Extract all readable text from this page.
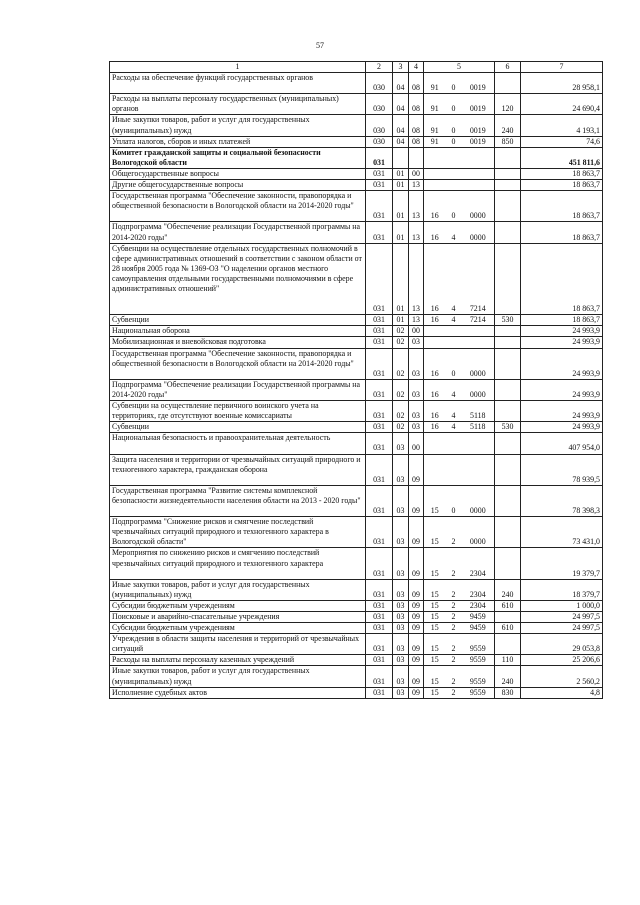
57
1	2	3	4	5			6	7
Расходы на обеспечение функций государственных органов	030	04	08	91	0	0019		28 958,1
Расходы на выплаты персоналу государственных (муниципальных) органов	030	04	08	91	0	0019	120	24 690,4
Иные закупки товаров, работ и услуг для государственных (муниципальных) нужд	030	04	08	91	0	0019	240	4 193,1
Уплата налогов, сборов и иных платежей	030	04	08	91	0	0019	850	74,6
Комитет гражданской защиты и социальной безопасности Вологодской области	031							451 811,6
Общегосударственные вопросы	031	01	00					18 863,7
Другие общегосударственные вопросы	031	01	13					18 863,7
Государственная программа "Обеспечение законности, правопорядка и общественной безопасности в Вологодской области на 2014-2020 годы"	031	01	13	16	0	0000		18 863,7
Подпрограмма "Обеспечение реализации Государственной программы на 2014-2020 годы"	031	01	13	16	4	0000		18 863,7
Субвенции на осуществление отдельных государственных полномочий в сфере административных отношений в соответствии с законом области от 28 ноября 2005 года № 1369-ОЗ "О наделении органов местного самоуправления отдельными государственными полномочиями в сфере административных отношений"	031	01	13	16	4	7214		18 863,7
Субвенции	031	01	13	16	4	7214	530	18 863,7
Национальная оборона	031	02	00					24 993,9
Мобилизационная и вневойсковая подготовка	031	02	03					24 993,9
Государственная программа "Обеспечение законности, правопорядка и общественной безопасности в Вологодской области на 2014-2020 годы"	031	02	03	16	0	0000		24 993,9
Подпрограмма "Обеспечение реализации Государственной программы на 2014-2020 годы"	031	02	03	16	4	0000		24 993,9
Субвенции на осуществление первичного воинского учета на территориях, где отсутствуют военные комиссариаты	031	02	03	16	4	5118		24 993,9
Субвенции	031	02	03	16	4	5118	530	24 993,9
Национальная безопасность и правоохранительная деятельность	031	03	00					407 954,0
Защита населения и территории от чрезвычайных ситуаций природного и техногенного характера, гражданская оборона	031	03	09					78 939,5
Государственная программа "Развитие системы комплексной безопасности жизнедеятельности населения области на 2013 - 2020 годы"	031	03	09	15	0	0000		78 398,3
Подпрограмма "Снижение рисков и смягчение последствий чрезвычайных ситуаций природного и техногенного характера в Вологодской области"	031	03	09	15	2	0000		73 431,0
Мероприятия по снижению рисков и смягчению последствий чрезвычайных ситуаций природного и техногенного характера	031	03	09	15	2	2304		19 379,7
Иные закупки товаров, работ и услуг для государственных (муниципальных) нужд	031	03	09	15	2	2304	240	18 379,7
Субсидии бюджетным учреждениям	031	03	09	15	2	2304	610	1 000,0
Поисковые и аварийно-спасательные учреждения	031	03	09	15	2	9459		24 997,5
Субсидии бюджетным учреждениям	031	03	09	15	2	9459	610	24 997,5
Учреждения в области защиты населения и территорий от чрезвычайных ситуаций	031	03	09	15	2	9559		29 053,8
Расходы на выплаты персоналу казенных учреждений	031	03	09	15	2	9559	110	25 206,6
Иные закупки товаров, работ и услуг для государственных (муниципальных) нужд	031	03	09	15	2	9559	240	2 560,2
Исполнение судебных актов	031	03	09	15	2	9559	830	4,8
